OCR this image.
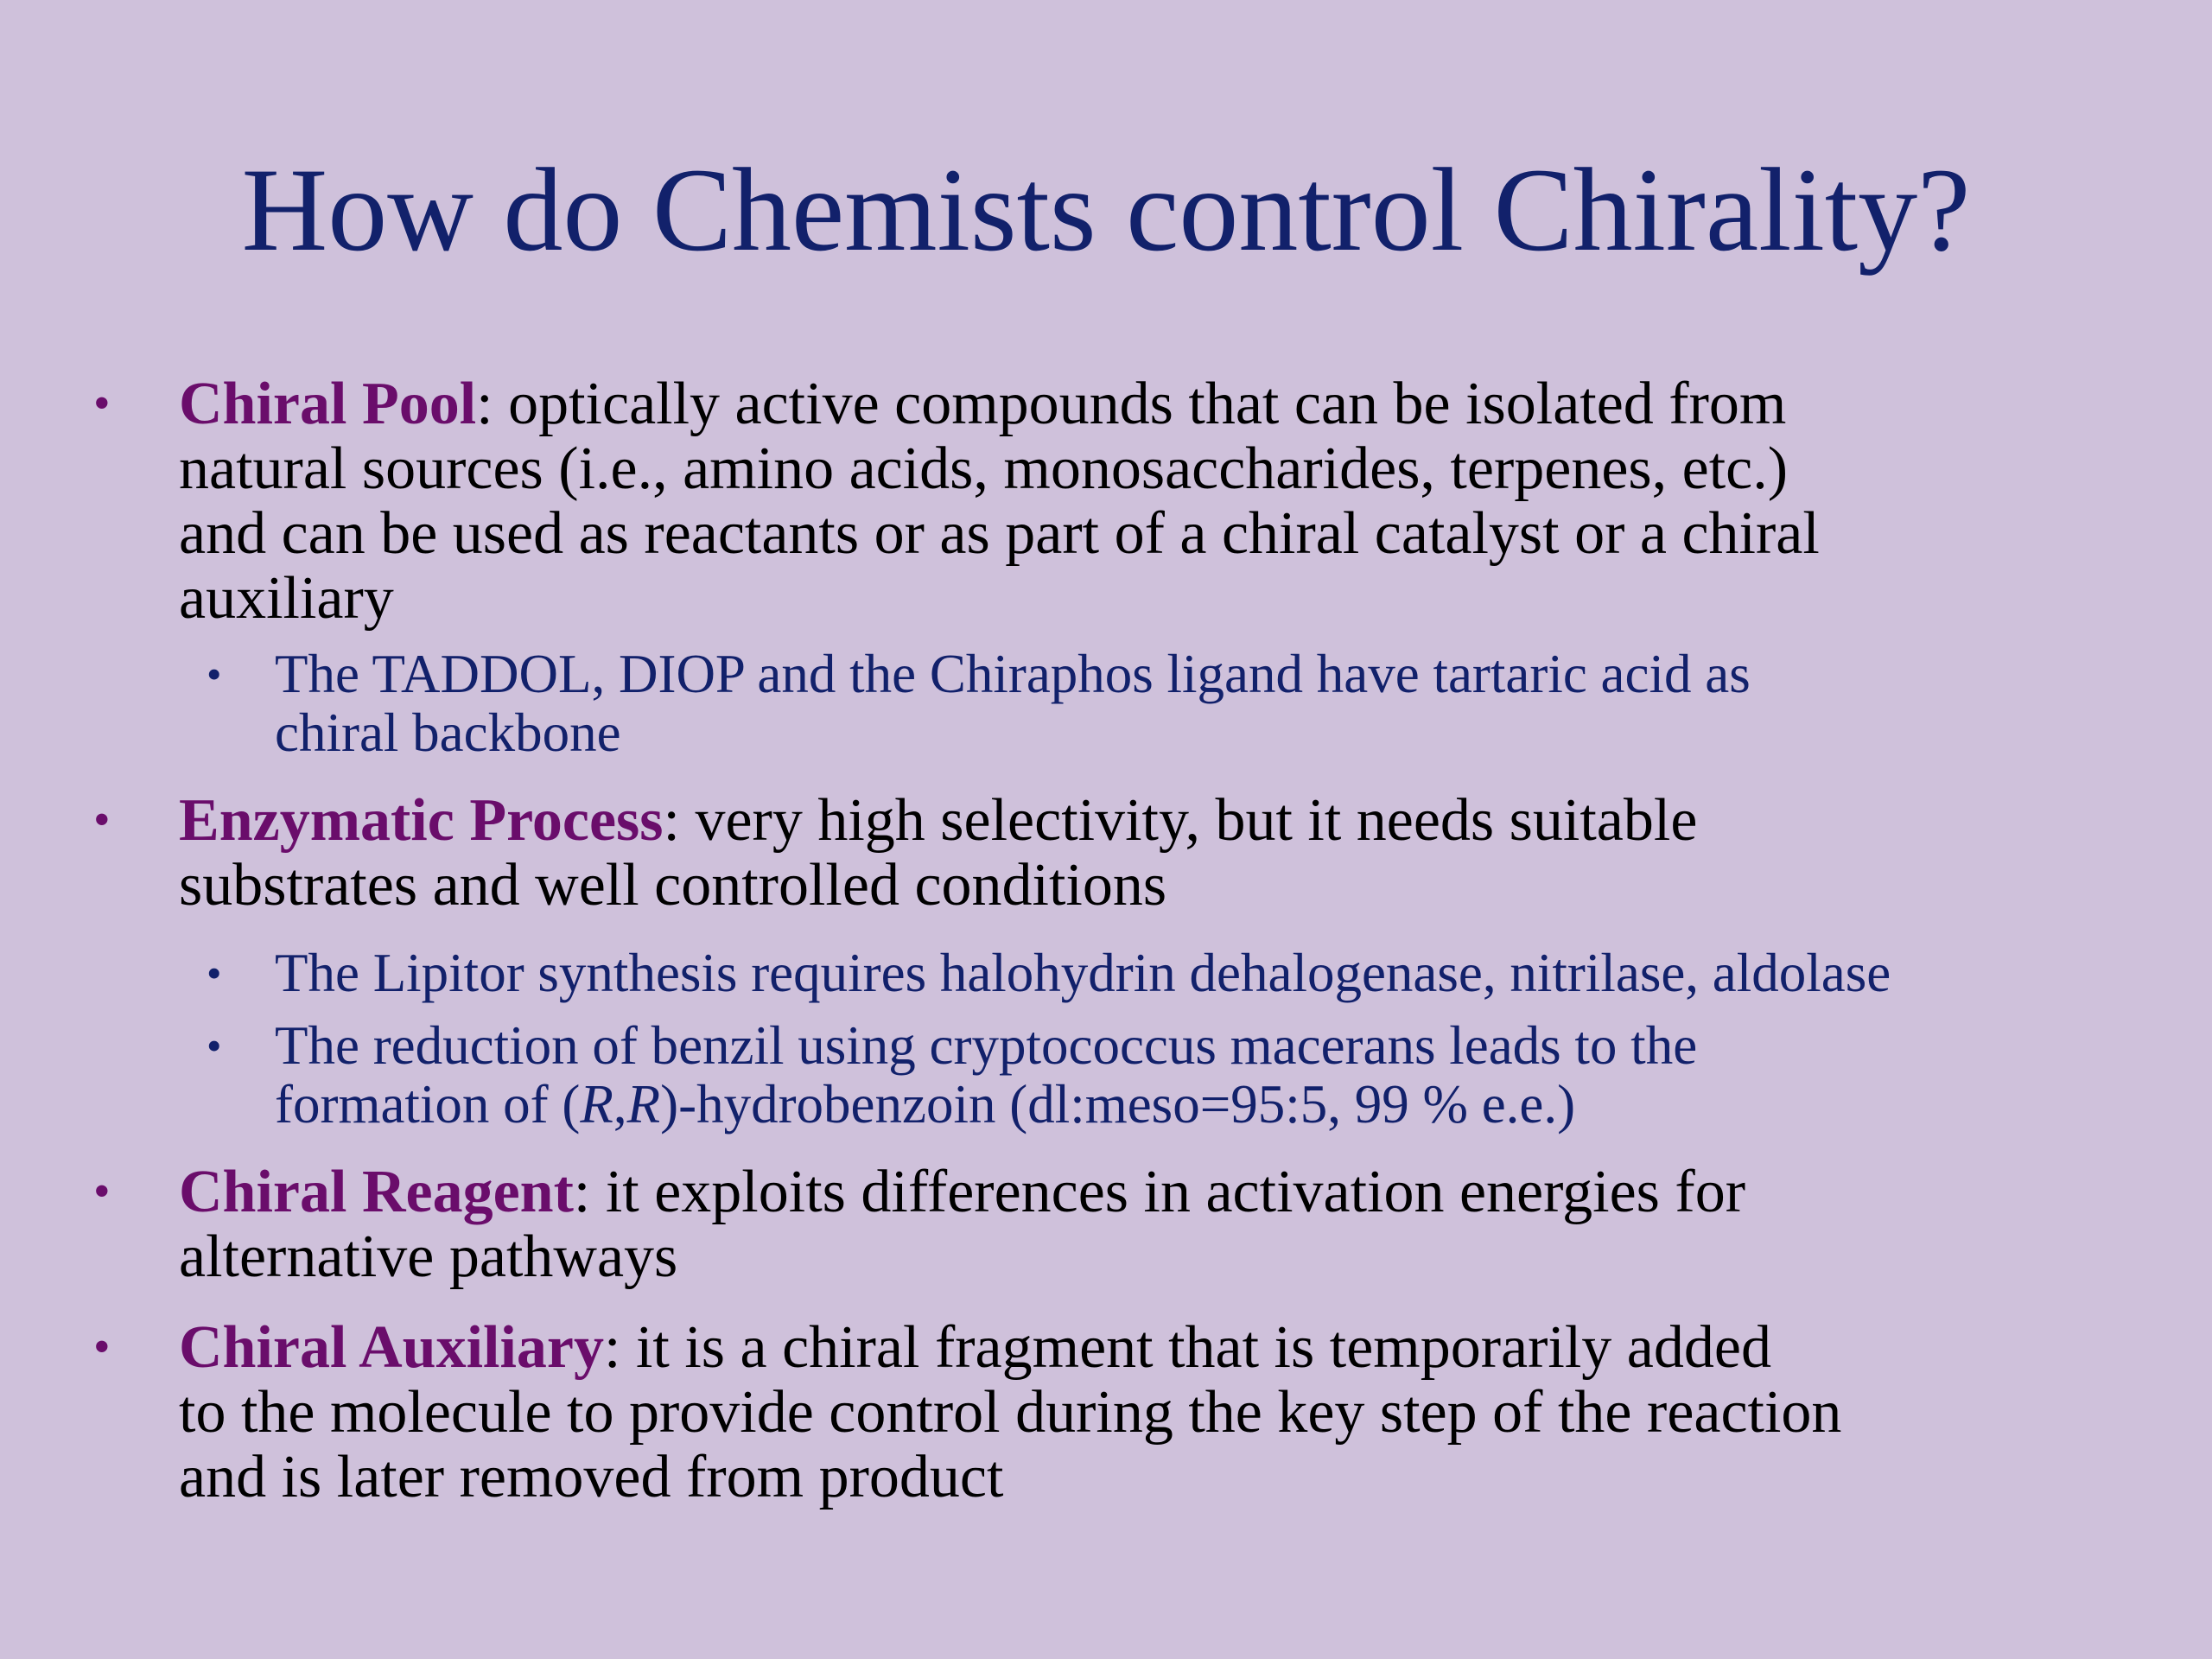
How do Chemists control Chirality?
• Chiral Pool: optically active compounds that can be isolated from
natural sources (i.e., amino acids, monosaccharides, terpenes, etc.)
and can be used as reactants or as part of a chiral catalyst or a chiral
auxiliary
• The TADDOL, DIOP and the Chiraphos ligand have tartaric acid as
chiral backbone
• Enzymatic Process: very high selectivity, but it needs suitable
substrates and well controlled conditions
• The Lipitor synthesis requires halohydrin dehalogenase, nitrilase, aldolase
• The reduction of benzil using cryptococcus macerans leads to the
formation of (R,R)-hydrobenzoin (dl:meso=95:5, 99 % e.e.)
• Chiral Reagent: it exploits differences in activation energies for
alternative pathways
• Chiral Auxiliary: it is a chiral fragment that is temporarily added
to the molecule to provide control during the key step of the reaction
and is later removed from product
